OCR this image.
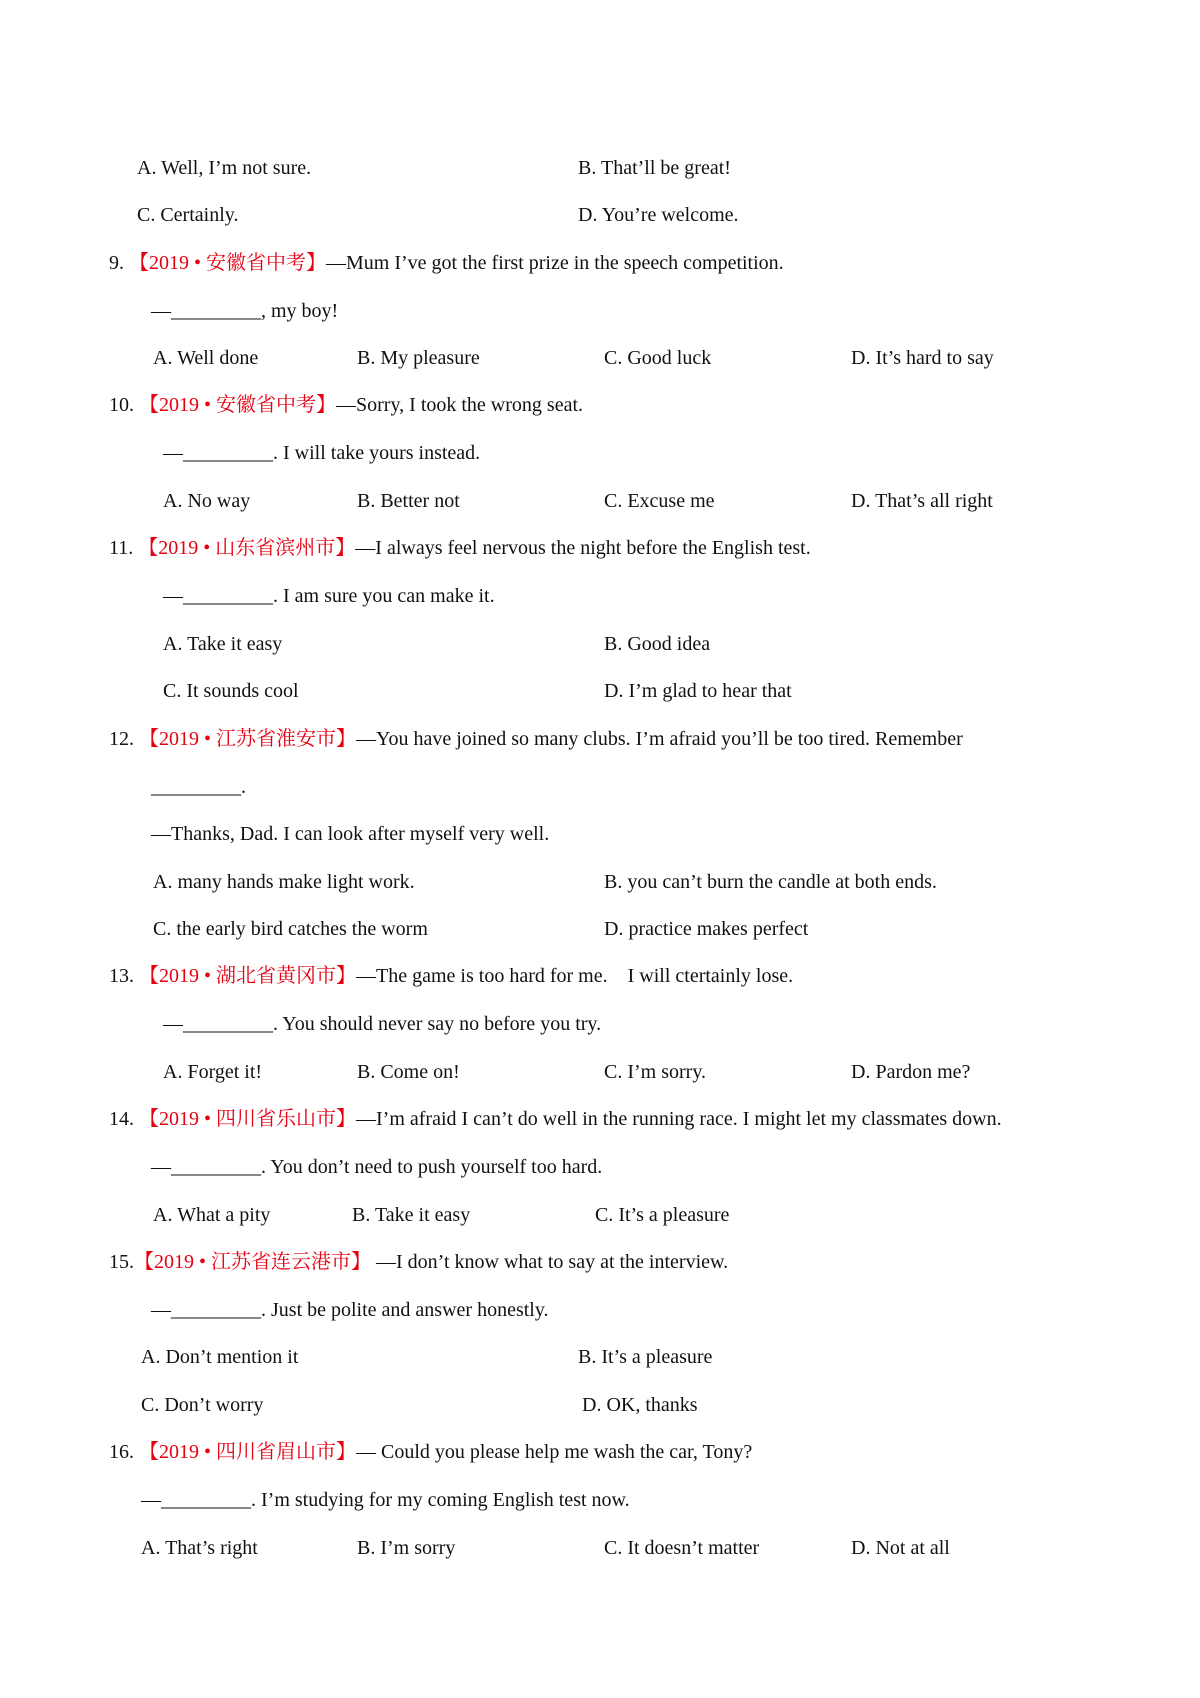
A. Well, I’m not sure.	B. That’ll be great!
C. Certainly.	D. You’re welcome.
9. 【2019 • 安徽省中考】—Mum I’ve got the first prize in the speech competition.
—_________, my boy!
A. Well done	B. My pleasure	C. Good luck	D. It’s hard to say
10. 【2019 • 安徽省中考】—Sorry, I took the wrong seat.
—_________. I will take yours instead.
A. No way	B. Better not	C. Excuse me	D. That’s all right
11. 【2019 • 山东省滨州市】—I always feel nervous the night before the English test.
—_________. I am sure you can make it.
A. Take it easy	B. Good idea
C. It sounds cool	D. I’m glad to hear that
12. 【2019 • 江苏省淮安市】—You have joined so many clubs. I’m afraid you’ll be too tired. Remember
_________.
—Thanks, Dad. I can look after myself very well.
A. many hands make light work.	B. you can’t burn the candle at both ends.
C. the early bird catches the worm	D. practice makes perfect
13. 【2019 • 湖北省黄冈市】—The game is too hard for me.    I will ctertainly lose.
—_________. You should never say no before you try.
A. Forget it!	B. Come on!	C. I’m sorry.	D. Pardon me?
14. 【2019 • 四川省乐山市】—I’m afraid I can’t do well in the running race. I might let my classmates down.
—_________. You don’t need to push yourself too hard.
A. What a pity	B. Take it easy	C. It’s a pleasure
15.【2019 • 江苏省连云港市】 —I don’t know what to say at the interview.
—_________. Just be polite and answer honestly.
A. Don’t mention it	B. It’s a pleasure
C. Don’t worry	D. OK, thanks
16. 【2019 • 四川省眉山市】— Could you please help me wash the car, Tony?
—_________. I’m studying for my coming English test now.
A. That’s right	B. I’m sorry	C. It doesn’t matter	D. Not at all
